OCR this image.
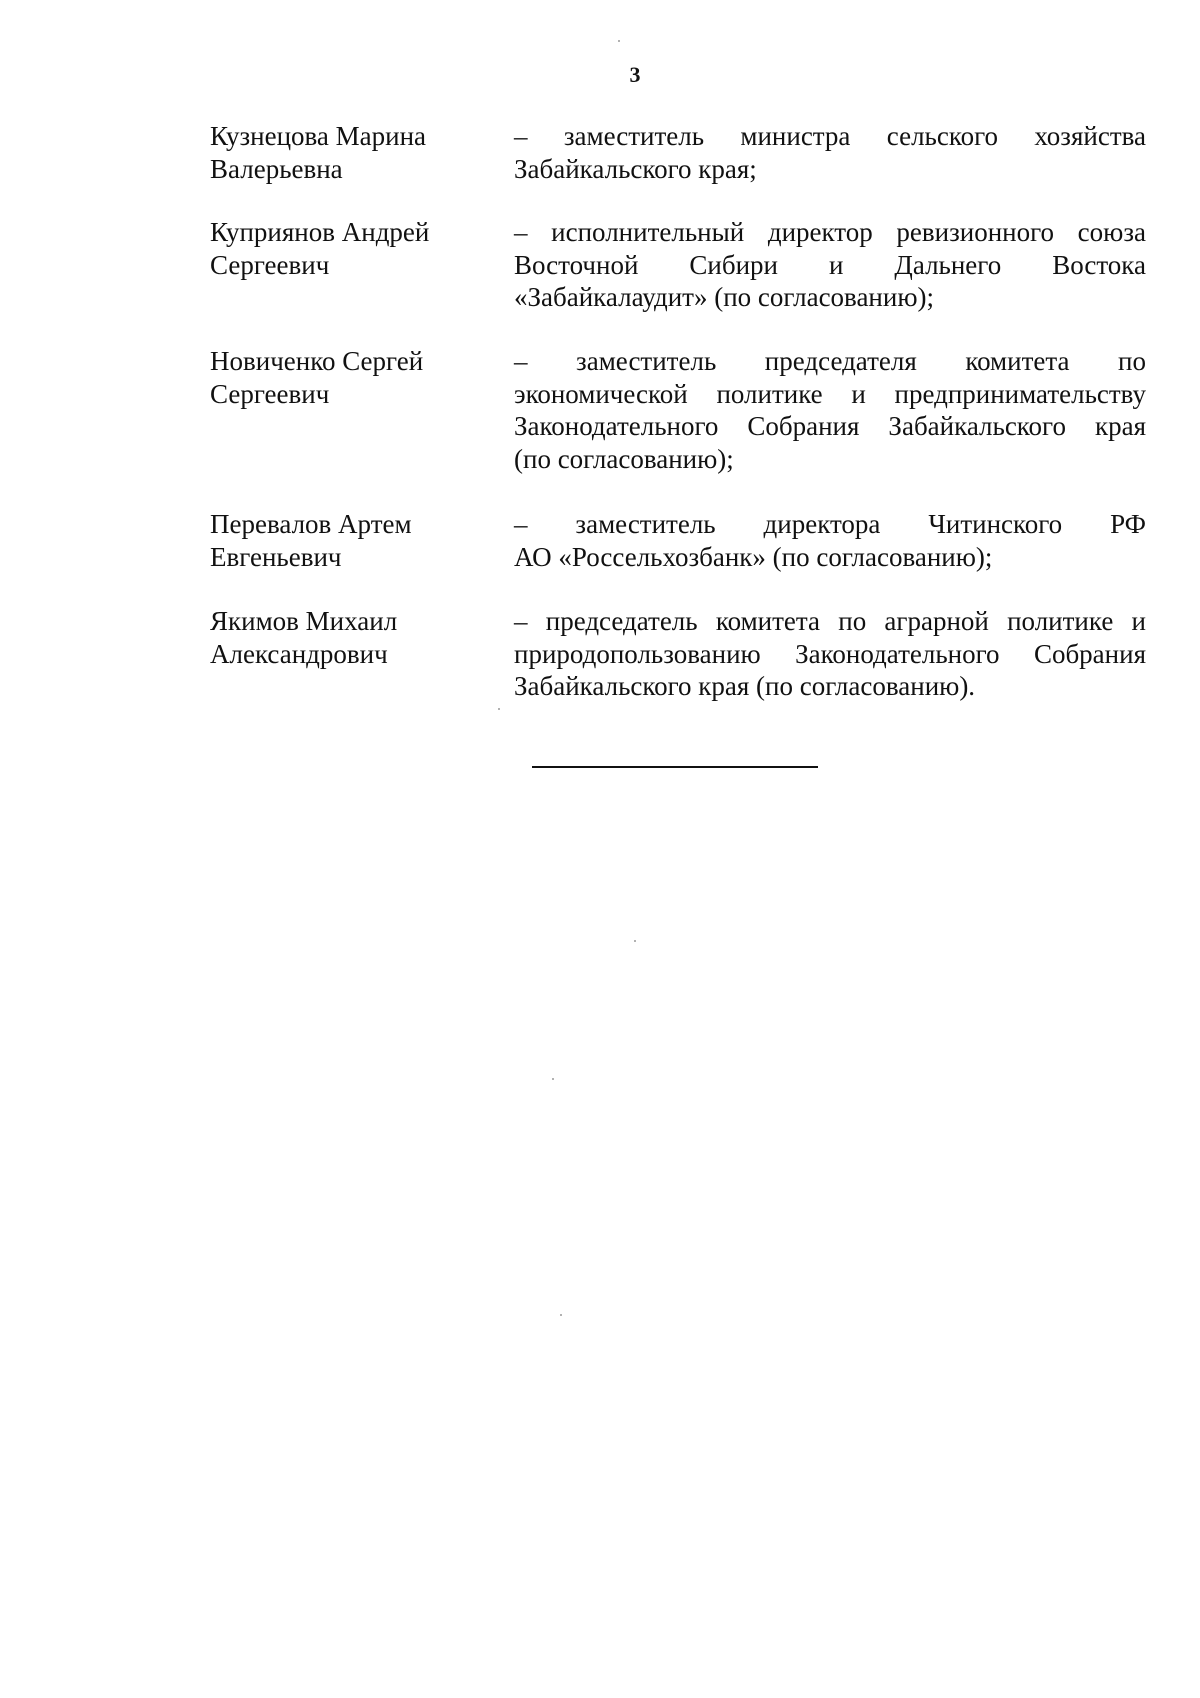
3
Кузнецова Марина
Валерьевна
– заместитель министра сельского хозяйства
Забайкальского края;
Куприянов Андрей
Сергеевич
– исполнительный директор ревизионного союза
Восточной Сибири и Дальнего Востока
«Забайкалаудит» (по согласованию);
Новиченко Сергей
Сергеевич
– заместитель председателя комитета по
экономической политике и предпринимательству
Законодательного Собрания Забайкальского края
(по согласованию);
Перевалов Артем
Евгеньевич
– заместитель директора Читинского РФ
АО «Россельхозбанк» (по согласованию);
Якимов Михаил
Александрович
– председатель комитета по аграрной политике и
природопользованию Законодательного Собрания
Забайкальского края (по согласованию).
